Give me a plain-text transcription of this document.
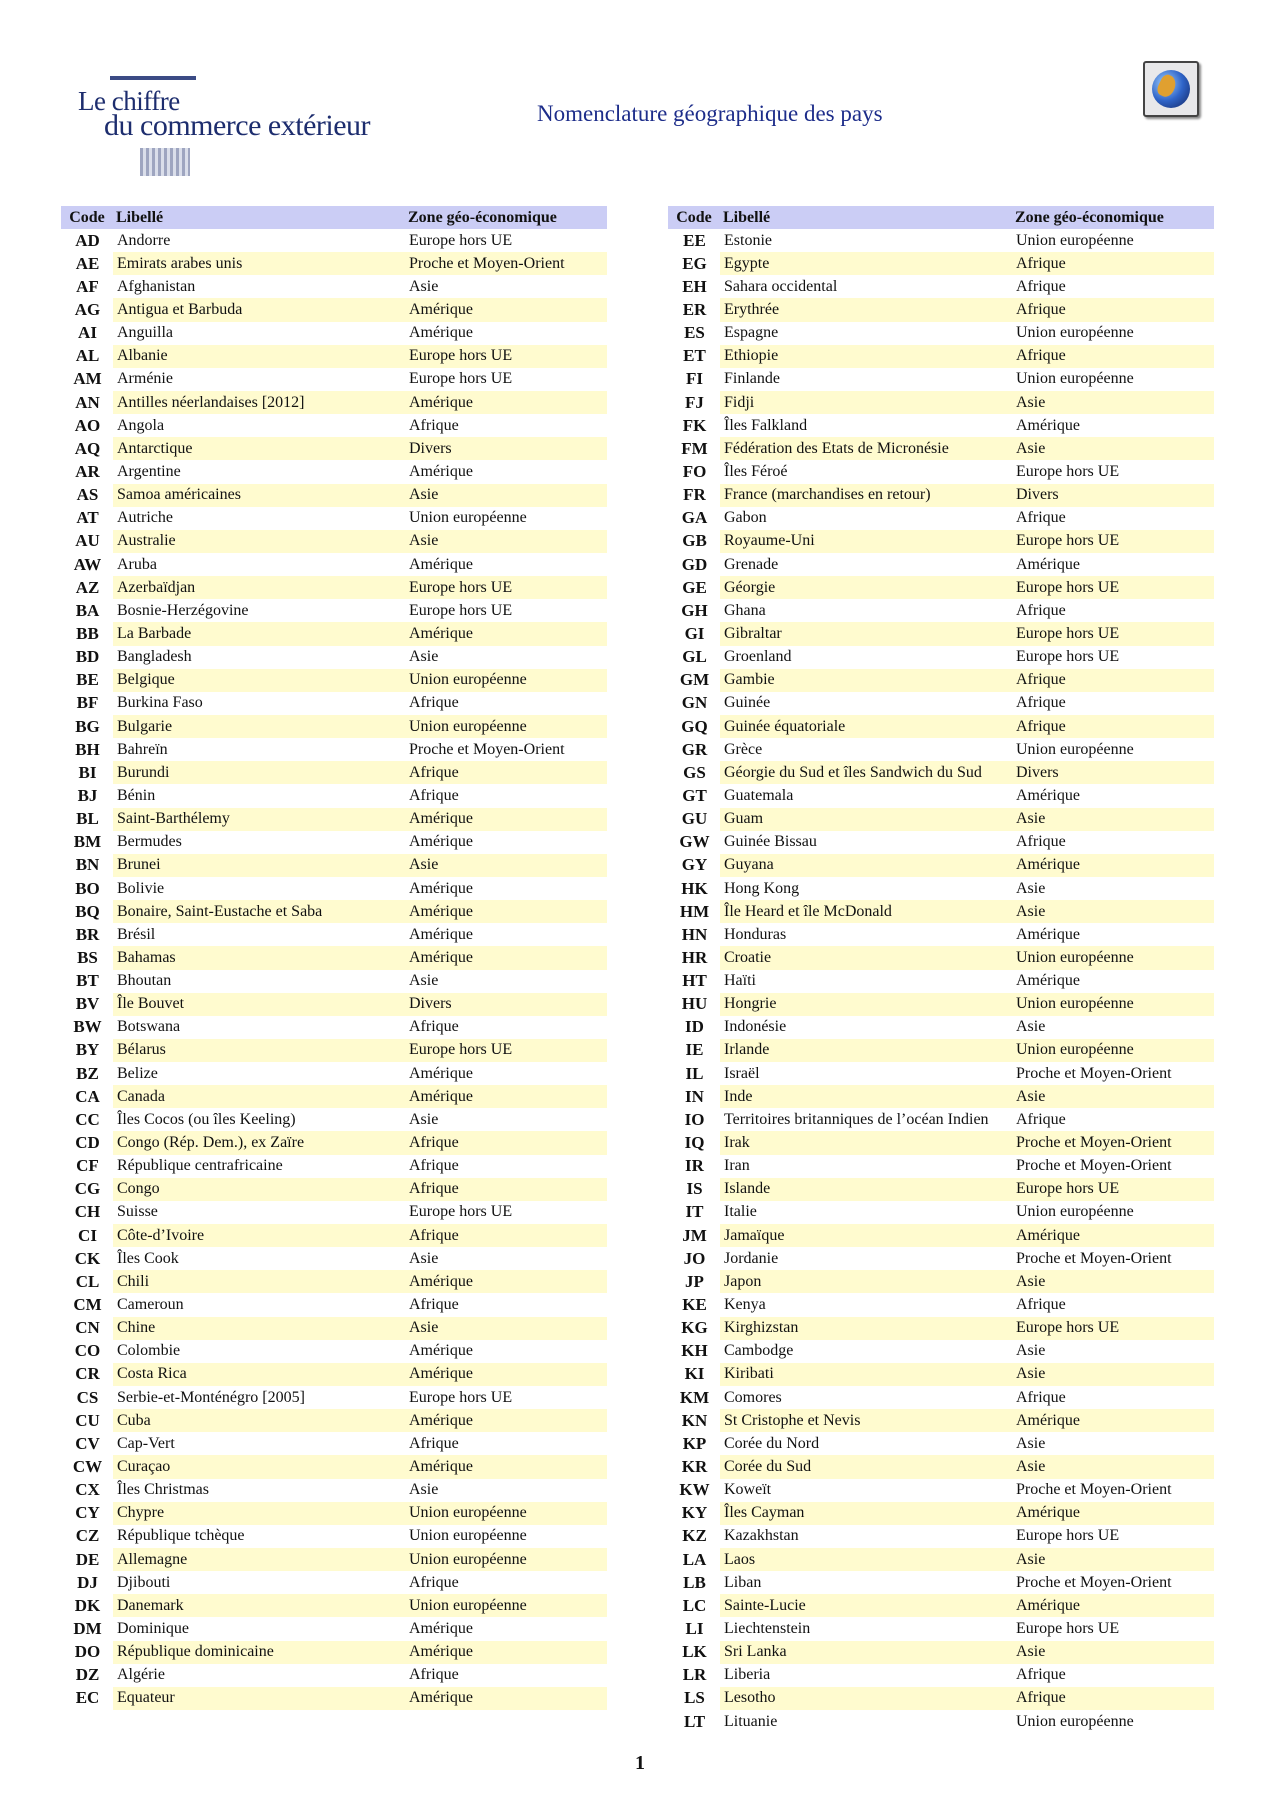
Le chiffre
du commerce extérieur	Nomenclature géographique des pays
Code	Libellé	Zone géo-économique
AD	Andorre	Europe hors UE
AE	Emirats arabes unis	Proche et Moyen-Orient
AF	Afghanistan	Asie
AG	Antigua et Barbuda	Amérique
AI	Anguilla	Amérique
AL	Albanie	Europe hors UE
AM	Arménie	Europe hors UE
AN	Antilles néerlandaises [2012]	Amérique
AO	Angola	Afrique
AQ	Antarctique	Divers
AR	Argentine	Amérique
AS	Samoa américaines	Asie
AT	Autriche	Union européenne
AU	Australie	Asie
AW	Aruba	Amérique
AZ	Azerbaïdjan	Europe hors UE
BA	Bosnie-Herzégovine	Europe hors UE
BB	La Barbade	Amérique
BD	Bangladesh	Asie
BE	Belgique	Union européenne
BF	Burkina Faso	Afrique
BG	Bulgarie	Union européenne
BH	Bahreïn	Proche et Moyen-Orient
BI	Burundi	Afrique
BJ	Bénin	Afrique
BL	Saint-Barthélemy	Amérique
BM	Bermudes	Amérique
BN	Brunei	Asie
BO	Bolivie	Amérique
BQ	Bonaire, Saint-Eustache et Saba	Amérique
BR	Brésil	Amérique
BS	Bahamas	Amérique
BT	Bhoutan	Asie
BV	Île Bouvet	Divers
BW	Botswana	Afrique
BY	Bélarus	Europe hors UE
BZ	Belize	Amérique
CA	Canada	Amérique
CC	Îles Cocos (ou îles Keeling)	Asie
CD	Congo (Rép. Dem.), ex Zaïre	Afrique
CF	République centrafricaine	Afrique
CG	Congo	Afrique
CH	Suisse	Europe hors UE
CI	Côte-d’Ivoire	Afrique
CK	Îles Cook	Asie
CL	Chili	Amérique
CM	Cameroun	Afrique
CN	Chine	Asie
CO	Colombie	Amérique
CR	Costa Rica	Amérique
CS	Serbie-et-Monténégro [2005]	Europe hors UE
CU	Cuba	Amérique
CV	Cap-Vert	Afrique
CW	Curaçao	Amérique
CX	Îles Christmas	Asie
CY	Chypre	Union européenne
CZ	République tchèque	Union européenne
DE	Allemagne	Union européenne
DJ	Djibouti	Afrique
DK	Danemark	Union européenne
DM	Dominique	Amérique
DO	République dominicaine	Amérique
DZ	Algérie	Afrique
EC	Equateur	Amérique
Code	Libellé	Zone géo-économique
EE	Estonie	Union européenne
EG	Egypte	Afrique
EH	Sahara occidental	Afrique
ER	Erythrée	Afrique
ES	Espagne	Union européenne
ET	Ethiopie	Afrique
FI	Finlande	Union européenne
FJ	Fidji	Asie
FK	Îles Falkland	Amérique
FM	Fédération des Etats de Micronésie	Asie
FO	Îles Féroé	Europe hors UE
FR	France (marchandises en retour)	Divers
GA	Gabon	Afrique
GB	Royaume-Uni	Europe hors UE
GD	Grenade	Amérique
GE	Géorgie	Europe hors UE
GH	Ghana	Afrique
GI	Gibraltar	Europe hors UE
GL	Groenland	Europe hors UE
GM	Gambie	Afrique
GN	Guinée	Afrique
GQ	Guinée équatoriale	Afrique
GR	Grèce	Union européenne
GS	Géorgie du Sud et îles Sandwich du Sud	Divers
GT	Guatemala	Amérique
GU	Guam	Asie
GW	Guinée Bissau	Afrique
GY	Guyana	Amérique
HK	Hong Kong	Asie
HM	Île Heard et île McDonald	Asie
HN	Honduras	Amérique
HR	Croatie	Union européenne
HT	Haïti	Amérique
HU	Hongrie	Union européenne
ID	Indonésie	Asie
IE	Irlande	Union européenne
IL	Israël	Proche et Moyen-Orient
IN	Inde	Asie
IO	Territoires britanniques de l’océan Indien	Afrique
IQ	Irak	Proche et Moyen-Orient
IR	Iran	Proche et Moyen-Orient
IS	Islande	Europe hors UE
IT	Italie	Union européenne
JM	Jamaïque	Amérique
JO	Jordanie	Proche et Moyen-Orient
JP	Japon	Asie
KE	Kenya	Afrique
KG	Kirghizstan	Europe hors UE
KH	Cambodge	Asie
KI	Kiribati	Asie
KM	Comores	Afrique
KN	St Cristophe et Nevis	Amérique
KP	Corée du Nord	Asie
KR	Corée du Sud	Asie
KW	Koweït	Proche et Moyen-Orient
KY	Îles Cayman	Amérique
KZ	Kazakhstan	Europe hors UE
LA	Laos	Asie
LB	Liban	Proche et Moyen-Orient
LC	Sainte-Lucie	Amérique
LI	Liechtenstein	Europe hors UE
LK	Sri Lanka	Asie
LR	Liberia	Afrique
LS	Lesotho	Afrique
LT	Lituanie	Union européenne
1
